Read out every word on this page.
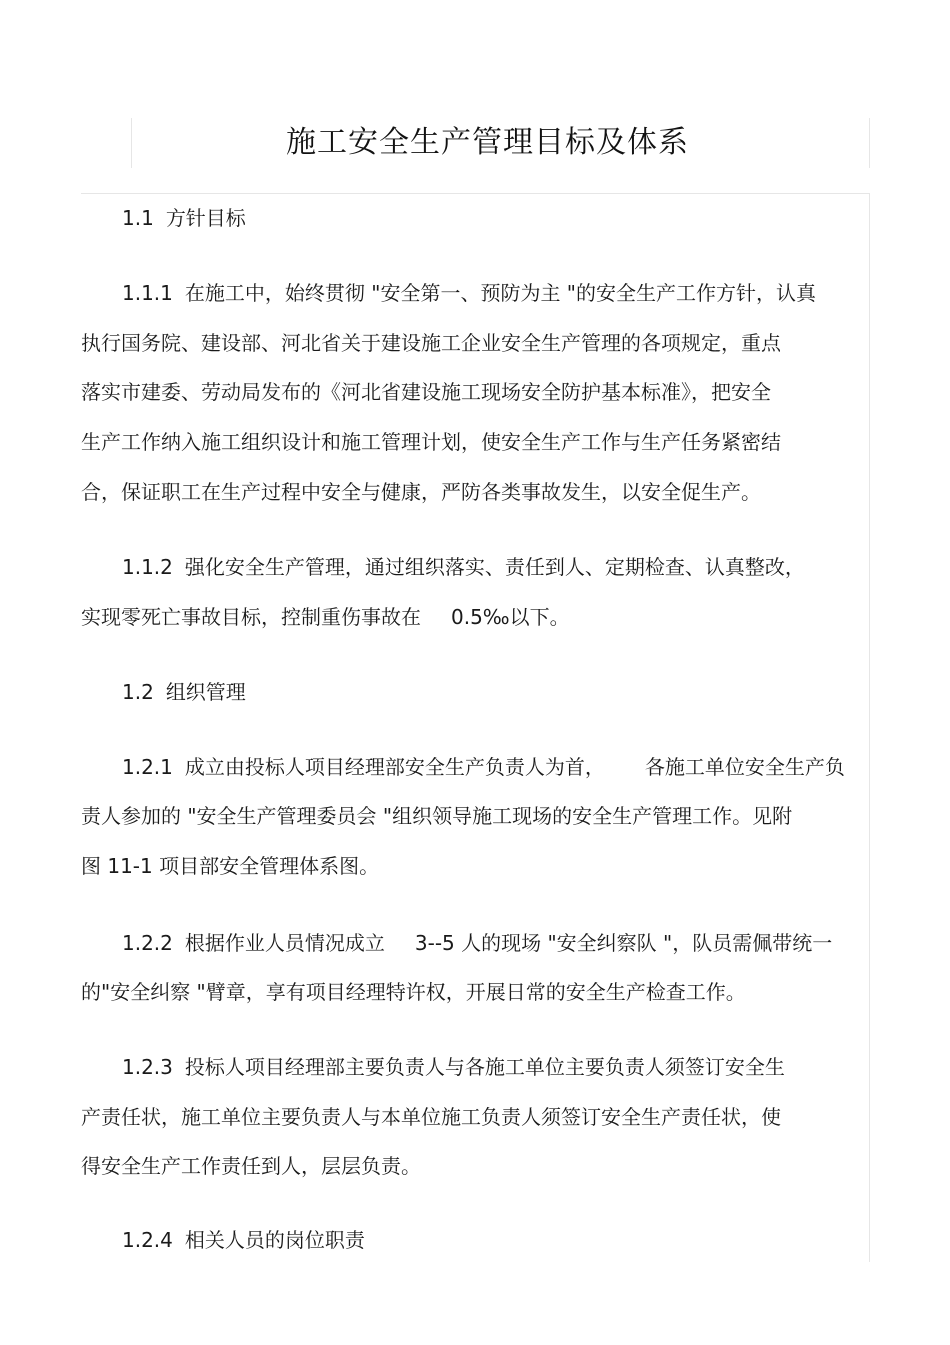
施工安全生产管理目标及体系
1.1 方针目标
1.1.1 在施工中，始终贯彻 "安全第一、预防为主 "的安全生产工作方针，认真
执行国务院、建设部、河北省关于建设施工企业安全生产管理的各项规定，重点
落实市建委、劳动局发布的《河北省建设施工现场安全防护基本标准》，把安全
生产工作纳入施工组织设计和施工管理计划，使安全生产工作与生产任务紧密结
合，保证职工在生产过程中安全与健康，严防各类事故发生，以安全促生产。
1.1.2 强化安全生产管理，通过组织落实、责任到人、定期检查、认真整改，
实现零死亡事故目标，控制重伤事故在 0.5‰以下。
1.2 组织管理
1.2.1 成立由投标人项目经理部安全生产负责人为首， 各施工单位安全生产负
责人参加的 "安全生产管理委员会 "组织领导施工现场的安全生产管理工作。见附
图 11-1 项目部安全管理体系图。
1.2.2 根据作业人员情况成立 3--5 人的现场 "安全纠察队 "，队员需佩带统一
的"安全纠察 "臂章，享有项目经理特许权，开展日常的安全生产检查工作。
1.2.3 投标人项目经理部主要负责人与各施工单位主要负责人须签订安全生
产责任状，施工单位主要负责人与本单位施工负责人须签订安全生产责任状，使
得安全生产工作责任到人，层层负责。
1.2.4 相关人员的岗位职责
